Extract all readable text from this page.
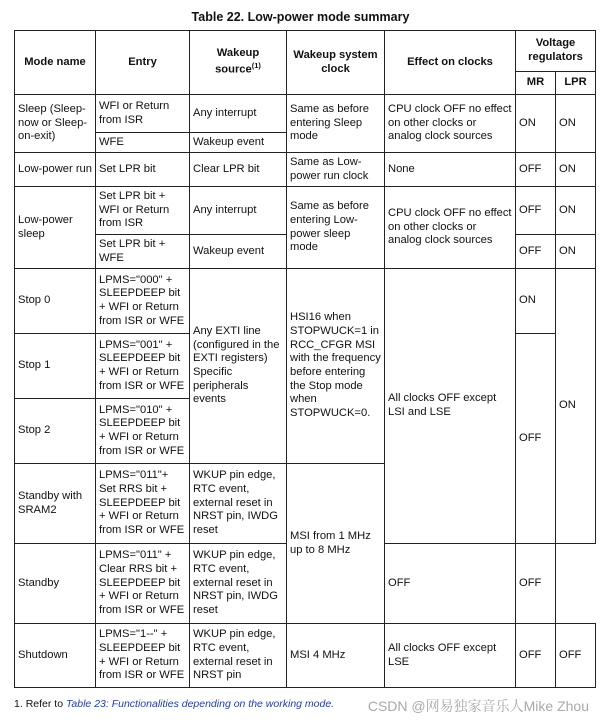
Table 22. Low-power mode summary
Mode name	Entry	Wakeup source$^{(1)}$	Wakeup system clock	Effect on clocks	Voltage regulators	
					MR	LPR
Sleep (Sleep-now or Sleep-on-exit)	WFI or Return from ISR	Any interrupt	Same as before entering Sleep mode	CPU clock OFF no effect on other clocks or analog clock sources	ON	ON
	WFE	Wakeup event				
Low-power run	Set LPR bit	Clear LPR bit	Same as Low-power run clock	None	OFF	ON
Low-power sleep	Set LPR bit + WFI or Return from ISR	Any interrupt	Same as before entering Low-power sleep mode	CPU clock OFF no effect on other clocks or analog clock sources	OFF	ON
	Set LPR bit + WFE	Wakeup event			OFF	ON
Stop 0	LPMS="000" + SLEEPDEEP bit + WFI or Return from ISR or WFE	Any EXTI line (configured in the EXTI registers) Specific peripherals events	HSI16 when STOPWUCK=1 in RCC_CFGR MSI with the frequency before entering the Stop mode when STOPWUCK=0.	All clocks OFF except LSI and LSE	ON	ON
Stop 1	LPMS="001" + SLEEPDEEP bit + WFI or Return from ISR or WFE				OFF	
Stop 2	LPMS="010" + SLEEPDEEP bit + WFI or Return from ISR or WFE					
Standby with SRAM2	LPMS="011"+ Set RRS bit + SLEEPDEEP bit + WFI or Return from ISR or WFE	WKUP pin edge, RTC event, external reset in NRST pin, IWDG reset	MSI from 1 MHz up to 8 MHz			
Standby	LPMS="011" + Clear RRS bit + SLEEPDEEP bit + WFI or Return from ISR or WFE	WKUP pin edge, RTC event, external reset in NRST pin, IWDG reset		OFF	OFF	
Shutdown	LPMS="1--" + SLEEPDEEP bit + WFI or Return from ISR or WFE	WKUP pin edge, RTC event, external reset in NRST pin	MSI 4 MHz	All clocks OFF except LSE	OFF	OFF
1. Refer to Table 23: Functionalities depending on the working mode. CSDN @网易独家音乐人Mike Zhou
